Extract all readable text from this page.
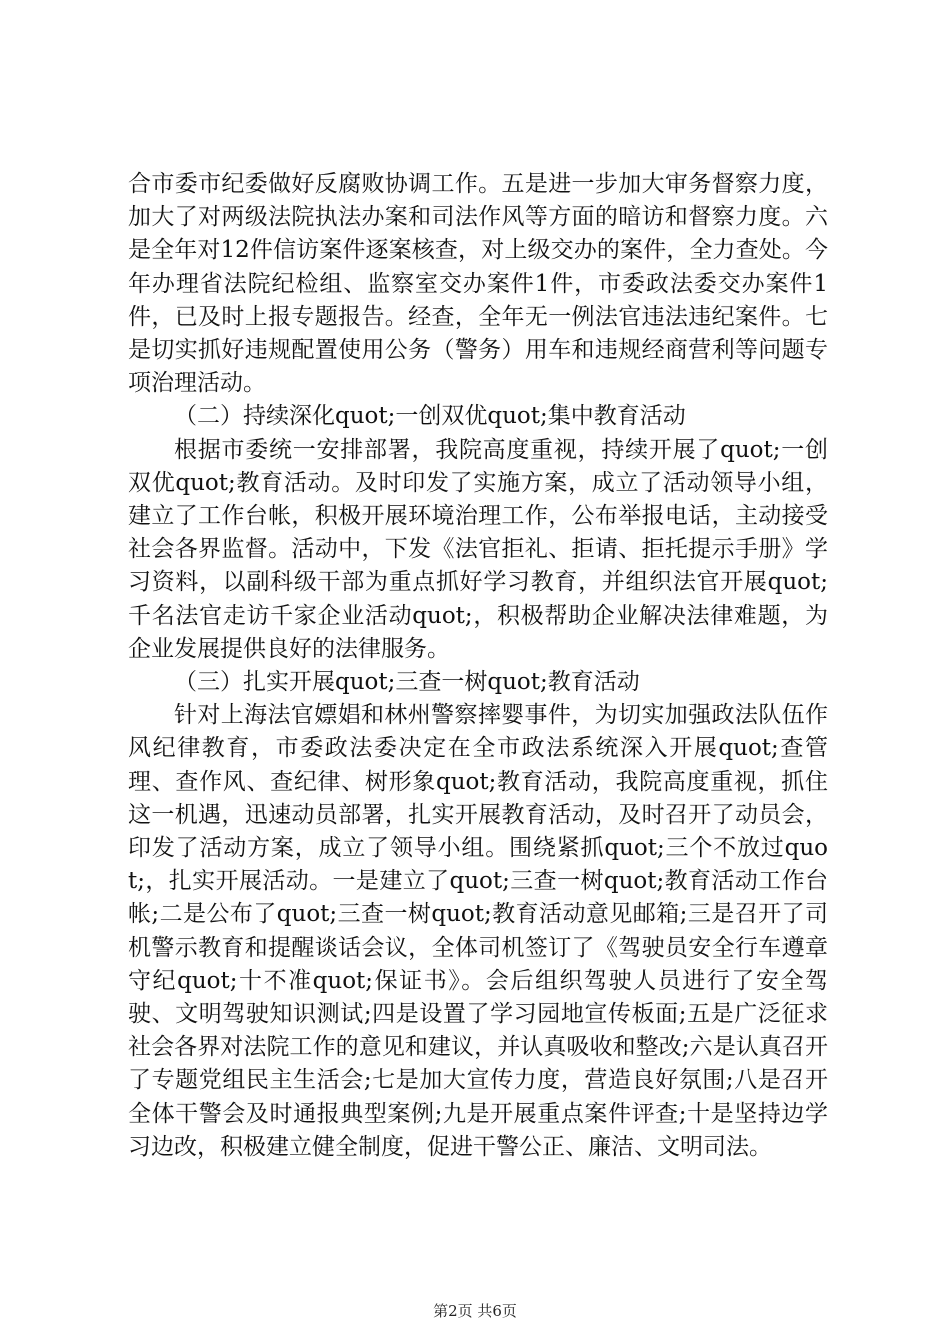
合市委市纪委做好反腐败协调工作。五是进一步加大审务督察力度，加大了对两级法院执法办案和司法作风等方面的暗访和督察力度。六是全年对12件信访案件逐案核查，对上级交办的案件，全力查处。今年办理省法院纪检组、监察室交办案件1件，市委政法委交办案件1件，已及时上报专题报告。经查，全年无一例法官违法违纪案件。七是切实抓好违规配置使用公务（警务）用车和违规经商营利等问题专项治理活动。

（二）持续深化quot;一创双优quot;集中教育活动

根据市委统一安排部署，我院高度重视，持续开展了quot;一创双优quot;教育活动。及时印发了实施方案，成立了活动领导小组，建立了工作台帐，积极开展环境治理工作，公布举报电话，主动接受社会各界监督。活动中，下发《法官拒礼、拒请、拒托提示手册》学习资料，以副科级干部为重点抓好学习教育，并组织法官开展quot;千名法官走访千家企业活动quot;，积极帮助企业解决法律难题，为企业发展提供良好的法律服务。

（三）扎实开展quot;三查一树quot;教育活动

针对上海法官嫖娼和林州警察摔婴事件，为切实加强政法队伍作风纪律教育，市委政法委决定在全市政法系统深入开展quot;查管理、查作风、查纪律、树形象quot;教育活动，我院高度重视，抓住这一机遇，迅速动员部署，扎实开展教育活动，及时召开了动员会，印发了活动方案，成立了领导小组。围绕紧抓quot;三个不放过quot;，扎实开展活动。一是建立了quot;三查一树quot;教育活动工作台帐;二是公布了quot;三查一树quot;教育活动意见邮箱;三是召开了司机警示教育和提醒谈话会议，全体司机签订了《驾驶员安全行车遵章守纪quot;十不准quot;保证书》。会后组织驾驶人员进行了安全驾驶、文明驾驶知识测试;四是设置了学习园地宣传板面;五是广泛征求社会各界对法院工作的意见和建议，并认真吸收和整改;六是认真召开了专题党组民主生活会;七是加大宣传力度，营造良好氛围;八是召开全体干警会及时通报典型案例;九是开展重点案件评查;十是坚持边学习边改，积极建立健全制度，促进干警公正、廉洁、文明司法。

第2页 共6页
